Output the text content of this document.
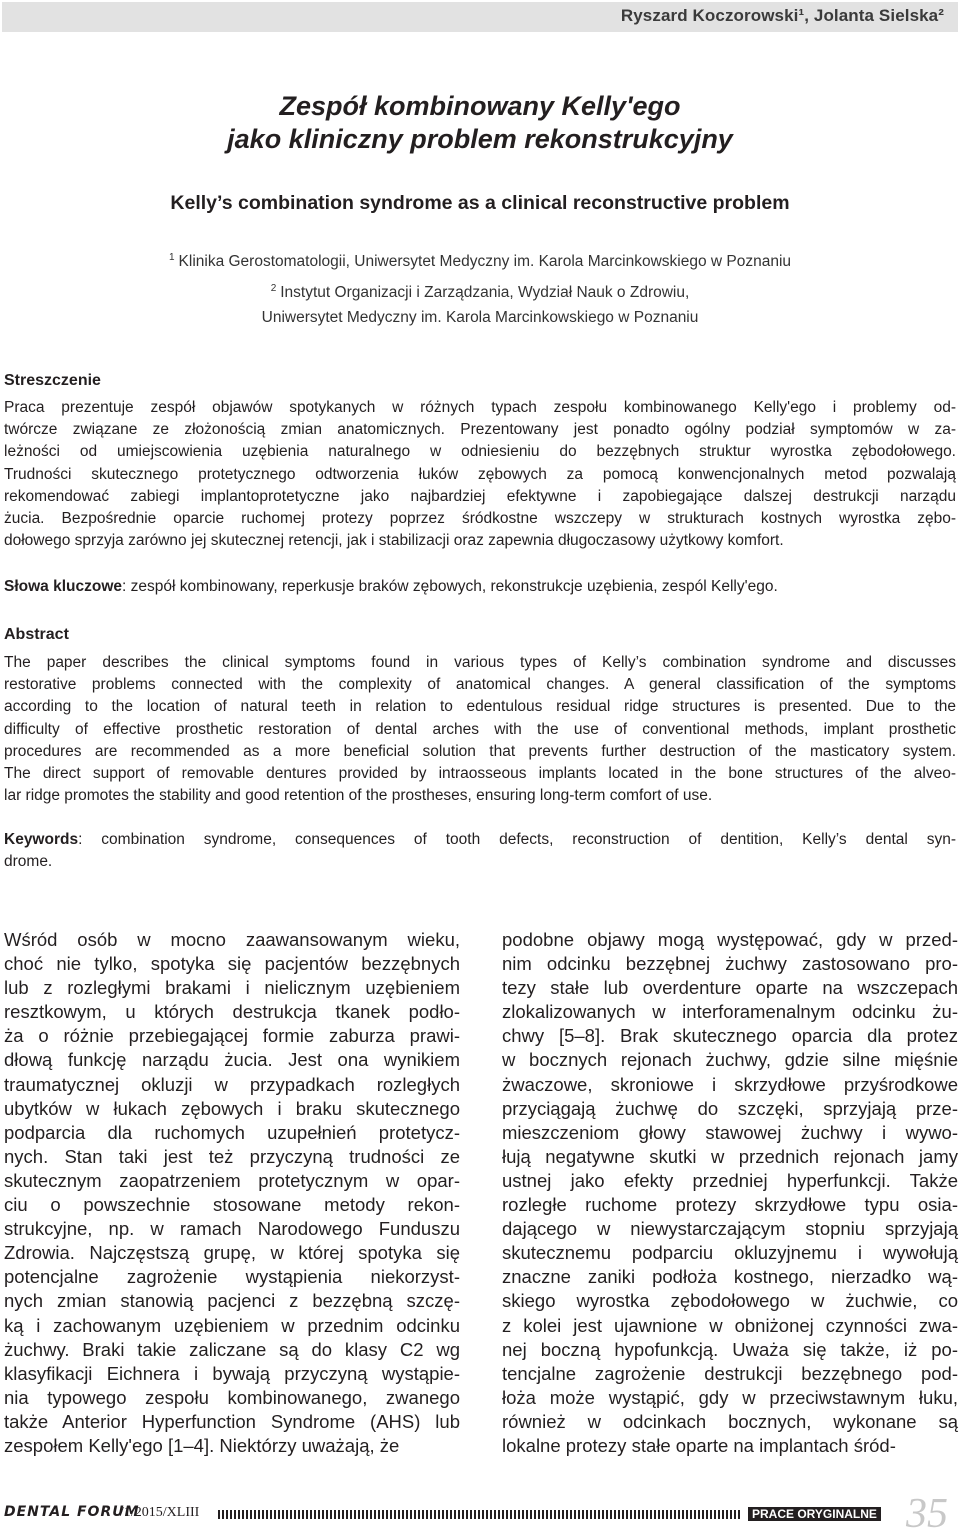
Ryszard Koczorowski¹, Jolanta Sielska²
Zespół kombinowany Kelly'ego
jako kliniczny problem rekonstrukcyjny
Kelly’s combination syndrome as a clinical reconstructive problem
$^1$ Klinika Gerostomatologii, Uniwersytet Medyczny im. Karola Marcinkowskiego w Poznaniu
$^2$ Instytut Organizacji i Zarządzania, Wydział Nauk o Zdrowiu,
Uniwersytet Medyczny im. Karola Marcinkowskiego w Poznaniu
Streszczenie
Praca prezentuje zespół objawów spotykanych w różnych typach zespołu kombinowanego Kelly'ego i problemy od-
twórcze związane ze złożonością zmian anatomicznych. Prezentowany jest ponadto ogólny podział symptomów w za-
leżności od umiejscowienia uzębienia naturalnego w odniesieniu do bezzębnych struktur wyrostka zębodołowego.
Trudności skutecznego protetycznego odtworzenia łuków zębowych za pomocą konwencjonalnych metod pozwalają
rekomendować zabiegi implantoprotetyczne jako najbardziej efektywne i zapobiegające dalszej destrukcji narządu
żucia. Bezpośrednie oparcie ruchomej protezy poprzez śródkostne wszczepy w strukturach kostnych wyrostka zębo-
dołowego sprzyja zarówno jej skutecznej retencji, jak i stabilizacji oraz zapewnia długoczasowy użytkowy komfort.
Słowa kluczowe: zespół kombinowany, reperkusje braków zębowych, rekonstrukcje uzębienia, zespól Kelly'ego.
Abstract
The paper describes the clinical symptoms found in various types of Kelly’s combination syndrome and discusses
restorative problems connected with the complexity of anatomical changes. A general classification of the symptoms
according to the location of natural teeth in relation to edentulous residual ridge structures is presented. Due to the
difficulty of effective prosthetic restoration of dental arches with the use of conventional methods, implant prosthetic
procedures are recommended as a more beneficial solution that prevents further destruction of the masticatory system.
The direct support of removable dentures provided by intraosseous implants located in the bone structures of the alveo-
lar ridge promotes the stability and good retention of the prostheses, ensuring long-term comfort of use.
Keywords: combination syndrome, consequences of tooth defects, reconstruction of dentition, Kelly’s dental syn-
drome.
Wśród osób w mocno zaawansowanym wieku,
choć nie tylko, spotyka się pacjentów bezzębnych
lub z rozległymi brakami i nielicznym uzębieniem
resztkowym, u których destrukcja tkanek podło-
ża o różnie przebiegającej formie zaburza prawi-
dłową funkcję narządu żucia. Jest ona wynikiem
traumatycznej okluzji w przypadkach rozległych
ubytków w łukach zębowych i braku skutecznego
podparcia dla ruchomych uzupełnień protetycz-
nych. Stan taki jest też przyczyną trudności ze
skutecznym zaopatrzeniem protetycznym w opar-
ciu o powszechnie stosowane metody rekon-
strukcyjne, np. w ramach Narodowego Funduszu
Zdrowia. Najczęstszą grupę, w której spotyka się
potencjalne zagrożenie wystąpienia niekorzyst-
nych zmian stanowią pacjenci z bezzębną szczę-
ką i zachowanym uzębieniem w przednim odcinku
żuchwy. Braki takie zaliczane są do klasy C2 wg
klasyfikacji Eichnera i bywają przyczyną wystąpie-
nia typowego zespołu kombinowanego, zwanego
także Anterior Hyperfunction Syndrome (AHS) lub
zespołem Kelly'ego [1–4]. Niektórzy uważają, że
podobne objawy mogą występować, gdy w przed-
nim odcinku bezzębnej żuchwy zastosowano pro-
tezy stałe lub overdenture oparte na wszczepach
zlokalizowanych w interforamenalnym odcinku żu-
chwy [5–8]. Brak skutecznego oparcia dla protez
w bocznych rejonach żuchwy, gdzie silne mięśnie
żwaczowe, skroniowe i skrzydłowe przyśrodkowe
przyciągają żuchwę do szczęki, sprzyjają prze-
mieszczeniom głowy stawowej żuchwy i wywo-
łują negatywne skutki w przednich rejonach jamy
ustnej jako efekty przedniej hyperfunkcji. Także
rozległe ruchome protezy skrzydłowe typu osia-
dającego w niewystarczającym stopniu sprzyjają
skutecznemu podparciu okluzyjnemu i wywołują
znaczne zaniki podłoża kostnego, nierzadko wą-
skiego wyrostka zębodołowego w żuchwie, co
z kolei jest ujawnione w obniżonej czynności zwa-
nej boczną hypofunkcją. Uważa się także, iż po-
tencjalne zagrożenie destrukcji bezzębnego pod-
łoża może wystąpić, gdy w przeciwstawnym łuku,
również w odcinkach bocznych, wykonane są
lokalne protezy stałe oparte na implantach śród-
DENTAL FORUM
/1/2015/XLIII	PRACE ORYGINALNE 35
